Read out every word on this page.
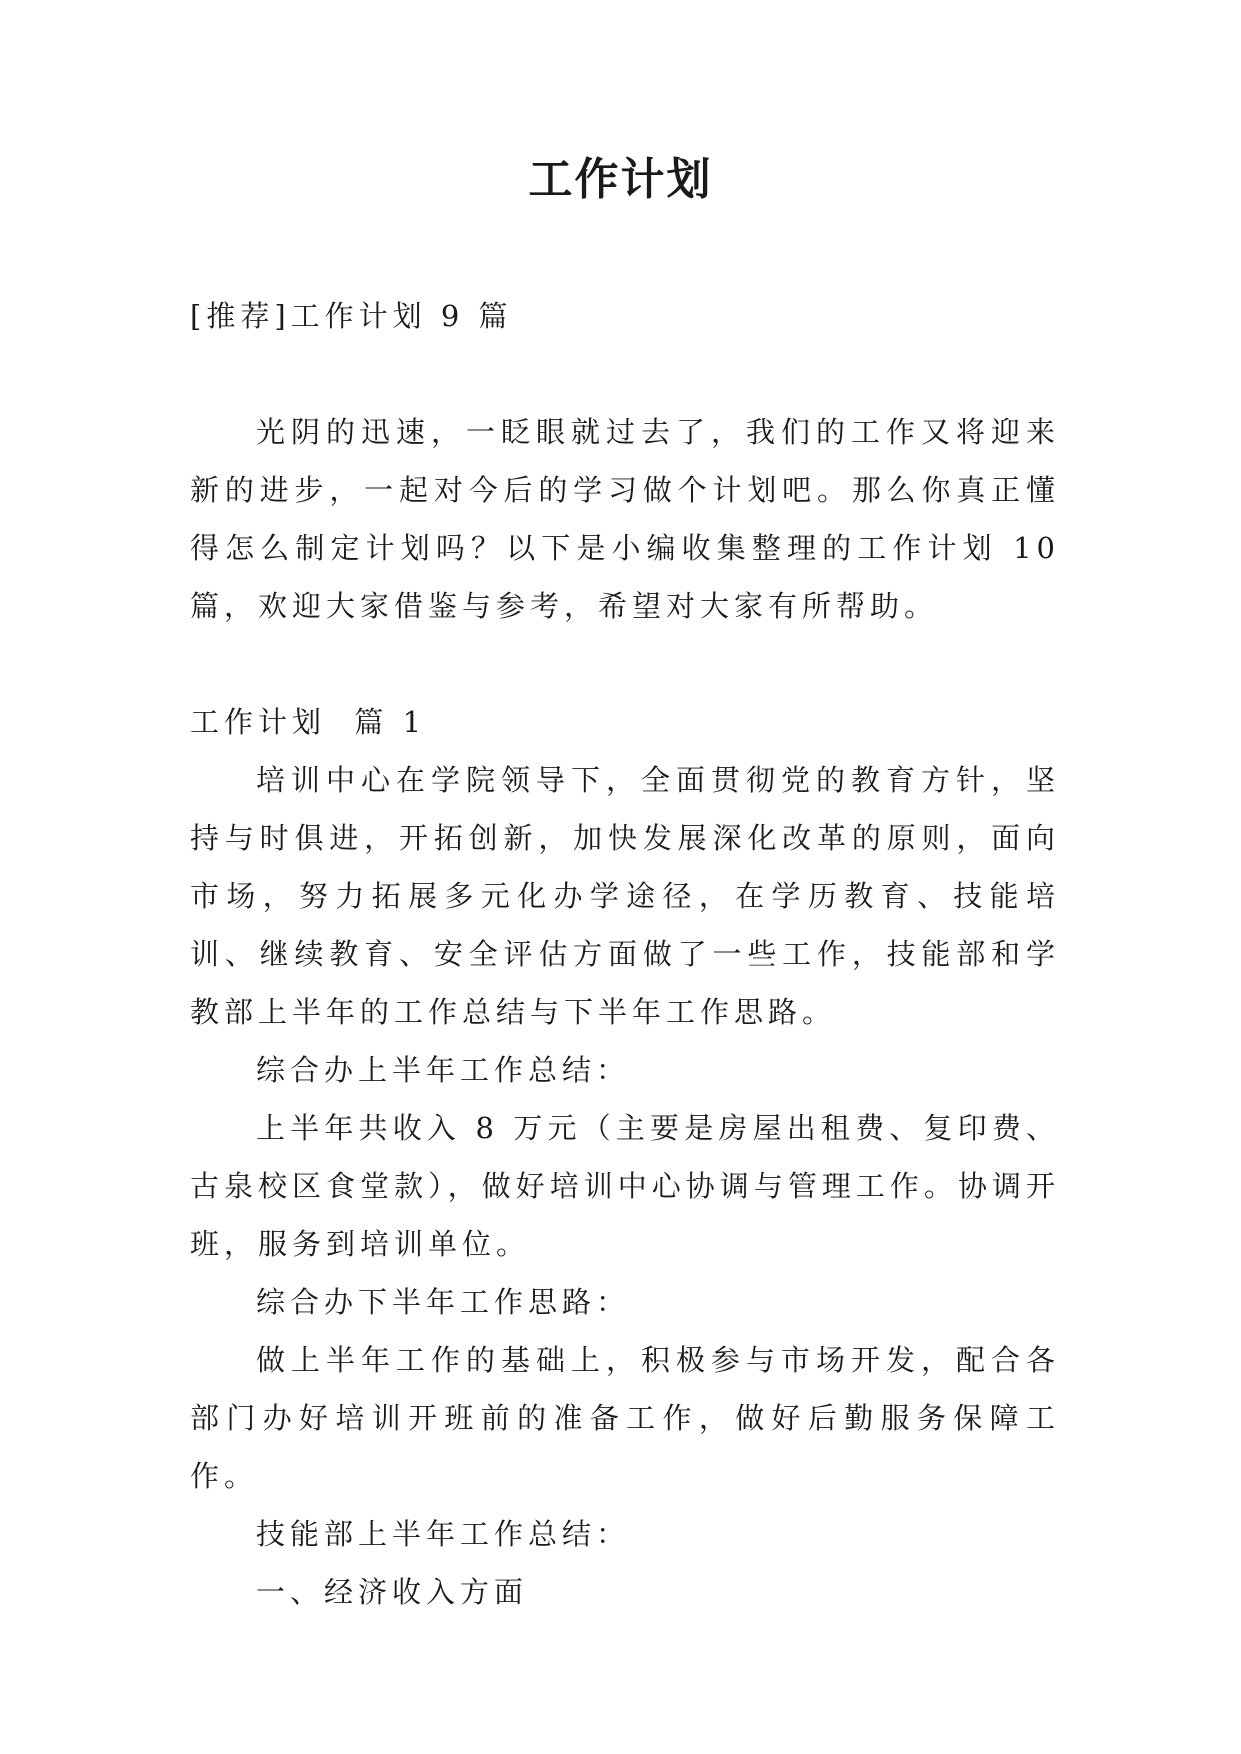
工作计划

[推荐]工作计划 9 篇

光阴的迅速，一眨眼就过去了，我们的工作又将迎来新的进步，一起对今后的学习做个计划吧。那么你真正懂得怎么制定计划吗？以下是小编收集整理的工作计划 10 篇，欢迎大家借鉴与参考，希望对大家有所帮助。

工作计划  篇 1

培训中心在学院领导下，全面贯彻党的教育方针，坚持与时俱进，开拓创新，加快发展深化改革的原则，面向市场，努力拓展多元化办学途径，在学历教育、技能培训、继续教育、安全评估方面做了一些工作，技能部和学教部上半年的工作总结与下半年工作思路。

综合办上半年工作总结：

上半年共收入 8 万元（主要是房屋出租费、复印费、古泉校区食堂款），做好培训中心协调与管理工作。协调开班，服务到培训单位。

综合办下半年工作思路：

做上半年工作的基础上，积极参与市场开发，配合各部门办好培训开班前的准备工作，做好后勤服务保障工作。

技能部上半年工作总结：

一、经济收入方面
